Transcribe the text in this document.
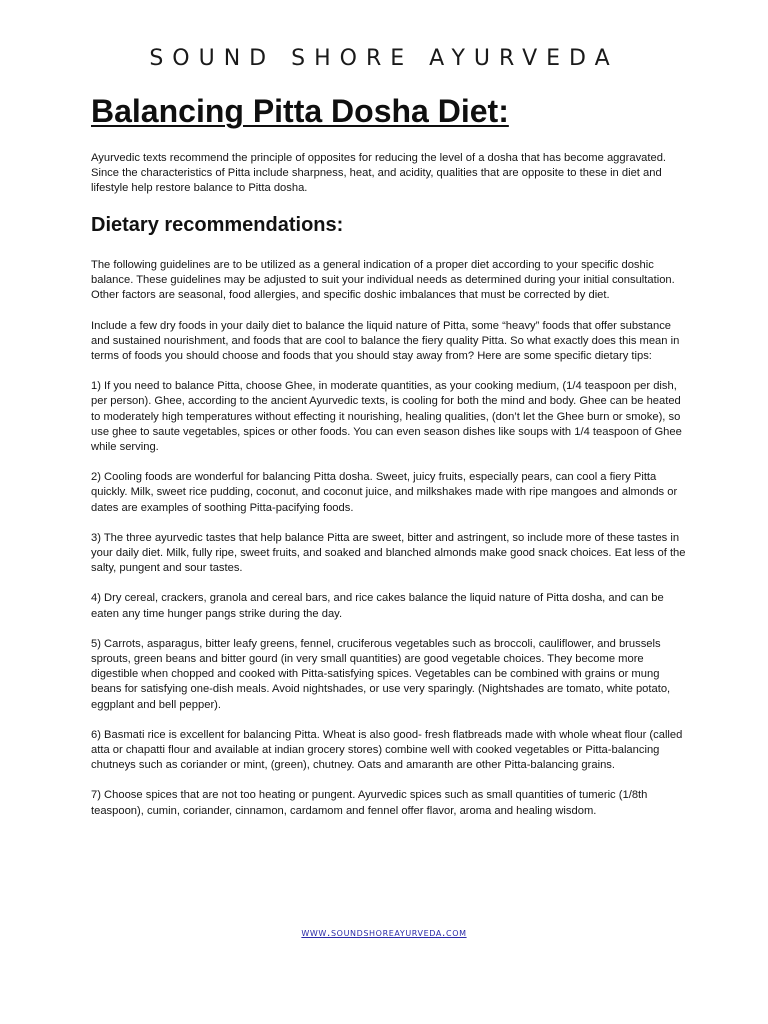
SOUND SHORE AYURVEDA
Balancing Pitta Dosha Diet:

Ayurvedic texts recommend the principle of opposites for reducing the level of a dosha that has become aggravated. Since the characteristics of Pitta include sharpness, heat, and acidity, qualities that are opposite to these in diet and lifestyle help restore balance to Pitta dosha.

Dietary recommendations:

The following guidelines are to be utilized as a general indication of a proper diet according to your specific doshic balance. These guidelines may be adjusted to suit your individual needs as determined during your initial consultation. Other factors are seasonal, food allergies, and specific doshic imbalances that must be corrected by diet.

Include a few dry foods in your daily diet to balance the liquid nature of Pitta, some “heavy” foods that offer substance and sustained nourishment, and foods that are cool to balance the fiery quality Pitta. So what exactly does this mean in terms of foods you should choose and foods that you should stay away from? Here are some specific dietary tips:

1) If you need to balance Pitta, choose Ghee, in moderate quantities, as your cooking medium, (1/4 teaspoon per dish, per person). Ghee, according to the ancient Ayurvedic texts, is cooling for both the mind and body. Ghee can be heated to moderately high temperatures without effecting it nourishing, healing qualities, (don’t let the Ghee burn or smoke), so use ghee to saute vegetables, spices or other foods. You can even season dishes like soups with 1/4 teaspoon of Ghee while serving.

2) Cooling foods are wonderful for balancing Pitta dosha. Sweet, juicy fruits, especially pears, can cool a fiery Pitta quickly. Milk, sweet rice pudding, coconut, and coconut juice, and milkshakes made with ripe mangoes and almonds or dates are examples of soothing Pitta-pacifying foods.

3) The three ayurvedic tastes that help balance Pitta are sweet, bitter and astringent, so include more of these tastes in your daily diet. Milk, fully ripe, sweet fruits, and soaked and blanched almonds make good snack choices. Eat less of the salty, pungent and sour tastes.

4) Dry cereal, crackers, granola and cereal bars, and rice cakes balance the liquid nature of Pitta dosha, and can be eaten any time hunger pangs strike during the day.

5) Carrots, asparagus, bitter leafy greens, fennel, cruciferous vegetables such as broccoli, cauliflower, and brussels sprouts, green beans and bitter gourd (in very small quantities) are good vegetable choices. They become more digestible when chopped and cooked with Pitta-satisfying spices. Vegetables can be combined with grains or mung beans for satisfying one-dish meals. Avoid nightshades, or use very sparingly. (Nightshades are tomato, white potato, eggplant and bell pepper).

6) Basmati rice is excellent for balancing Pitta. Wheat is also good- fresh flatbreads made with whole wheat flour (called atta or chapatti flour and available at indian grocery stores) combine well with cooked vegetables or Pitta-balancing chutneys such as coriander or mint, (green), chutney. Oats and amaranth are other Pitta-balancing grains.

7) Choose spices that are not too heating or pungent. Ayurvedic spices such as small quantities of tumeric (1/8th teaspoon), cumin, coriander, cinnamon, cardamom and fennel offer flavor, aroma and healing wisdom.

www.soundshoreayurveda.com
